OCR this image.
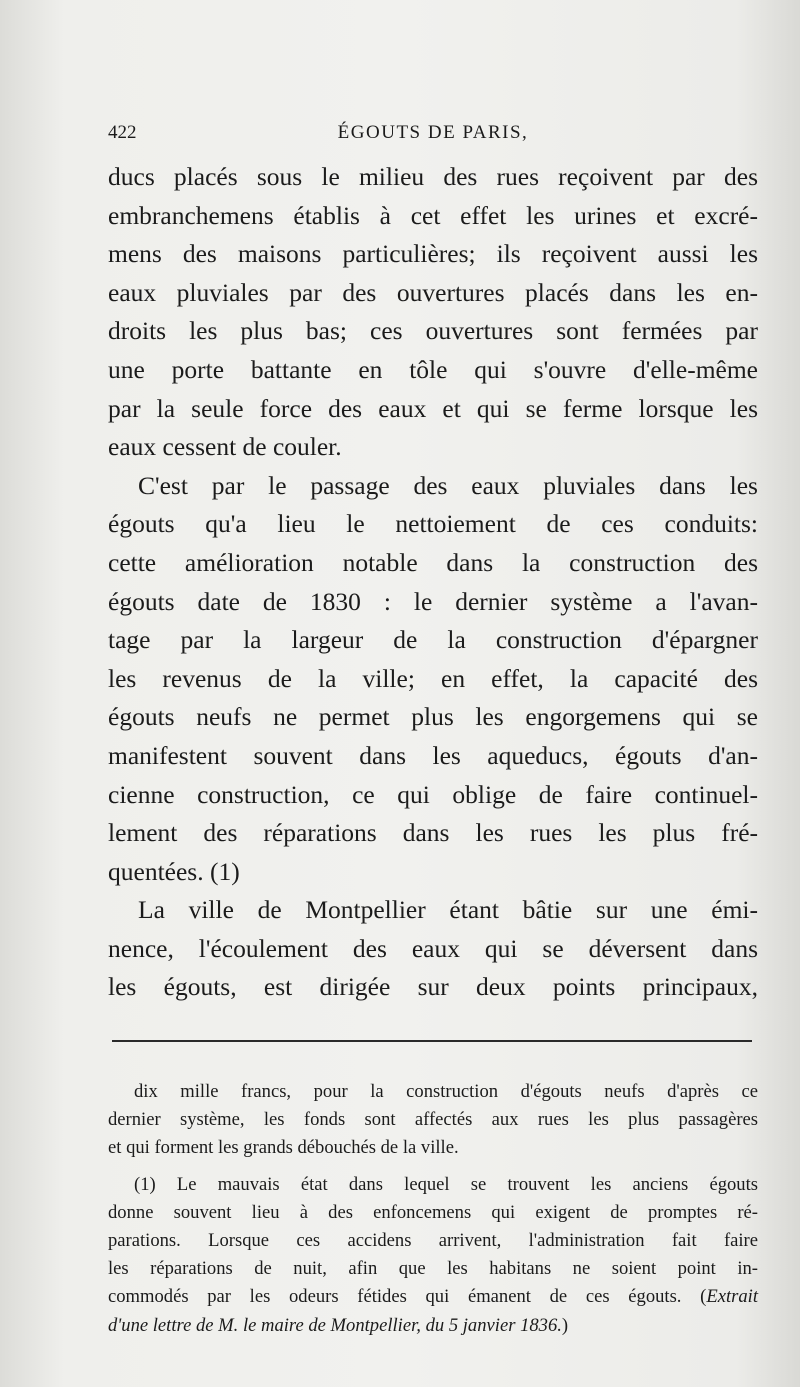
422	ÉGOUTS DE PARIS,
ducs placés sous le milieu des rues reçoivent par des
embranchemens établis à cet effet les urines et excré-
mens des maisons particulières; ils reçoivent aussi les
eaux pluviales par des ouvertures placés dans les en-
droits les plus bas; ces ouvertures sont fermées par
une porte battante en tôle qui s'ouvre d'elle-même
par la seule force des eaux et qui se ferme lorsque les
eaux cessent de couler.
C'est par le passage des eaux pluviales dans les
égouts qu'a lieu le nettoiement de ces conduits:
cette amélioration notable dans la construction des
égouts date de 1830 : le dernier système a l'avan-
tage par la largeur de la construction d'épargner
les revenus de la ville; en effet, la capacité des
égouts neufs ne permet plus les engorgemens qui se
manifestent souvent dans les aqueducs, égouts d'an-
cienne construction, ce qui oblige de faire continuel-
lement des réparations dans les rues les plus fré-
quentées. (1)
La ville de Montpellier étant bâtie sur une émi-
nence, l'écoulement des eaux qui se déversent dans
les égouts, est dirigée sur deux points principaux,
dix mille francs, pour la construction d'égouts neufs d'après ce
dernier système, les fonds sont affectés aux rues les plus passagères
et qui forment les grands débouchés de la ville.
(1) Le mauvais état dans lequel se trouvent les anciens égouts
donne souvent lieu à des enfoncemens qui exigent de promptes ré-
parations. Lorsque ces accidens arrivent, l'administration fait faire
les réparations de nuit, afin que les habitans ne soient point in-
commodés par les odeurs fétides qui émanent de ces égouts. (Extrait
d'une lettre de M. le maire de Montpellier, du 5 janvier 1836.)
